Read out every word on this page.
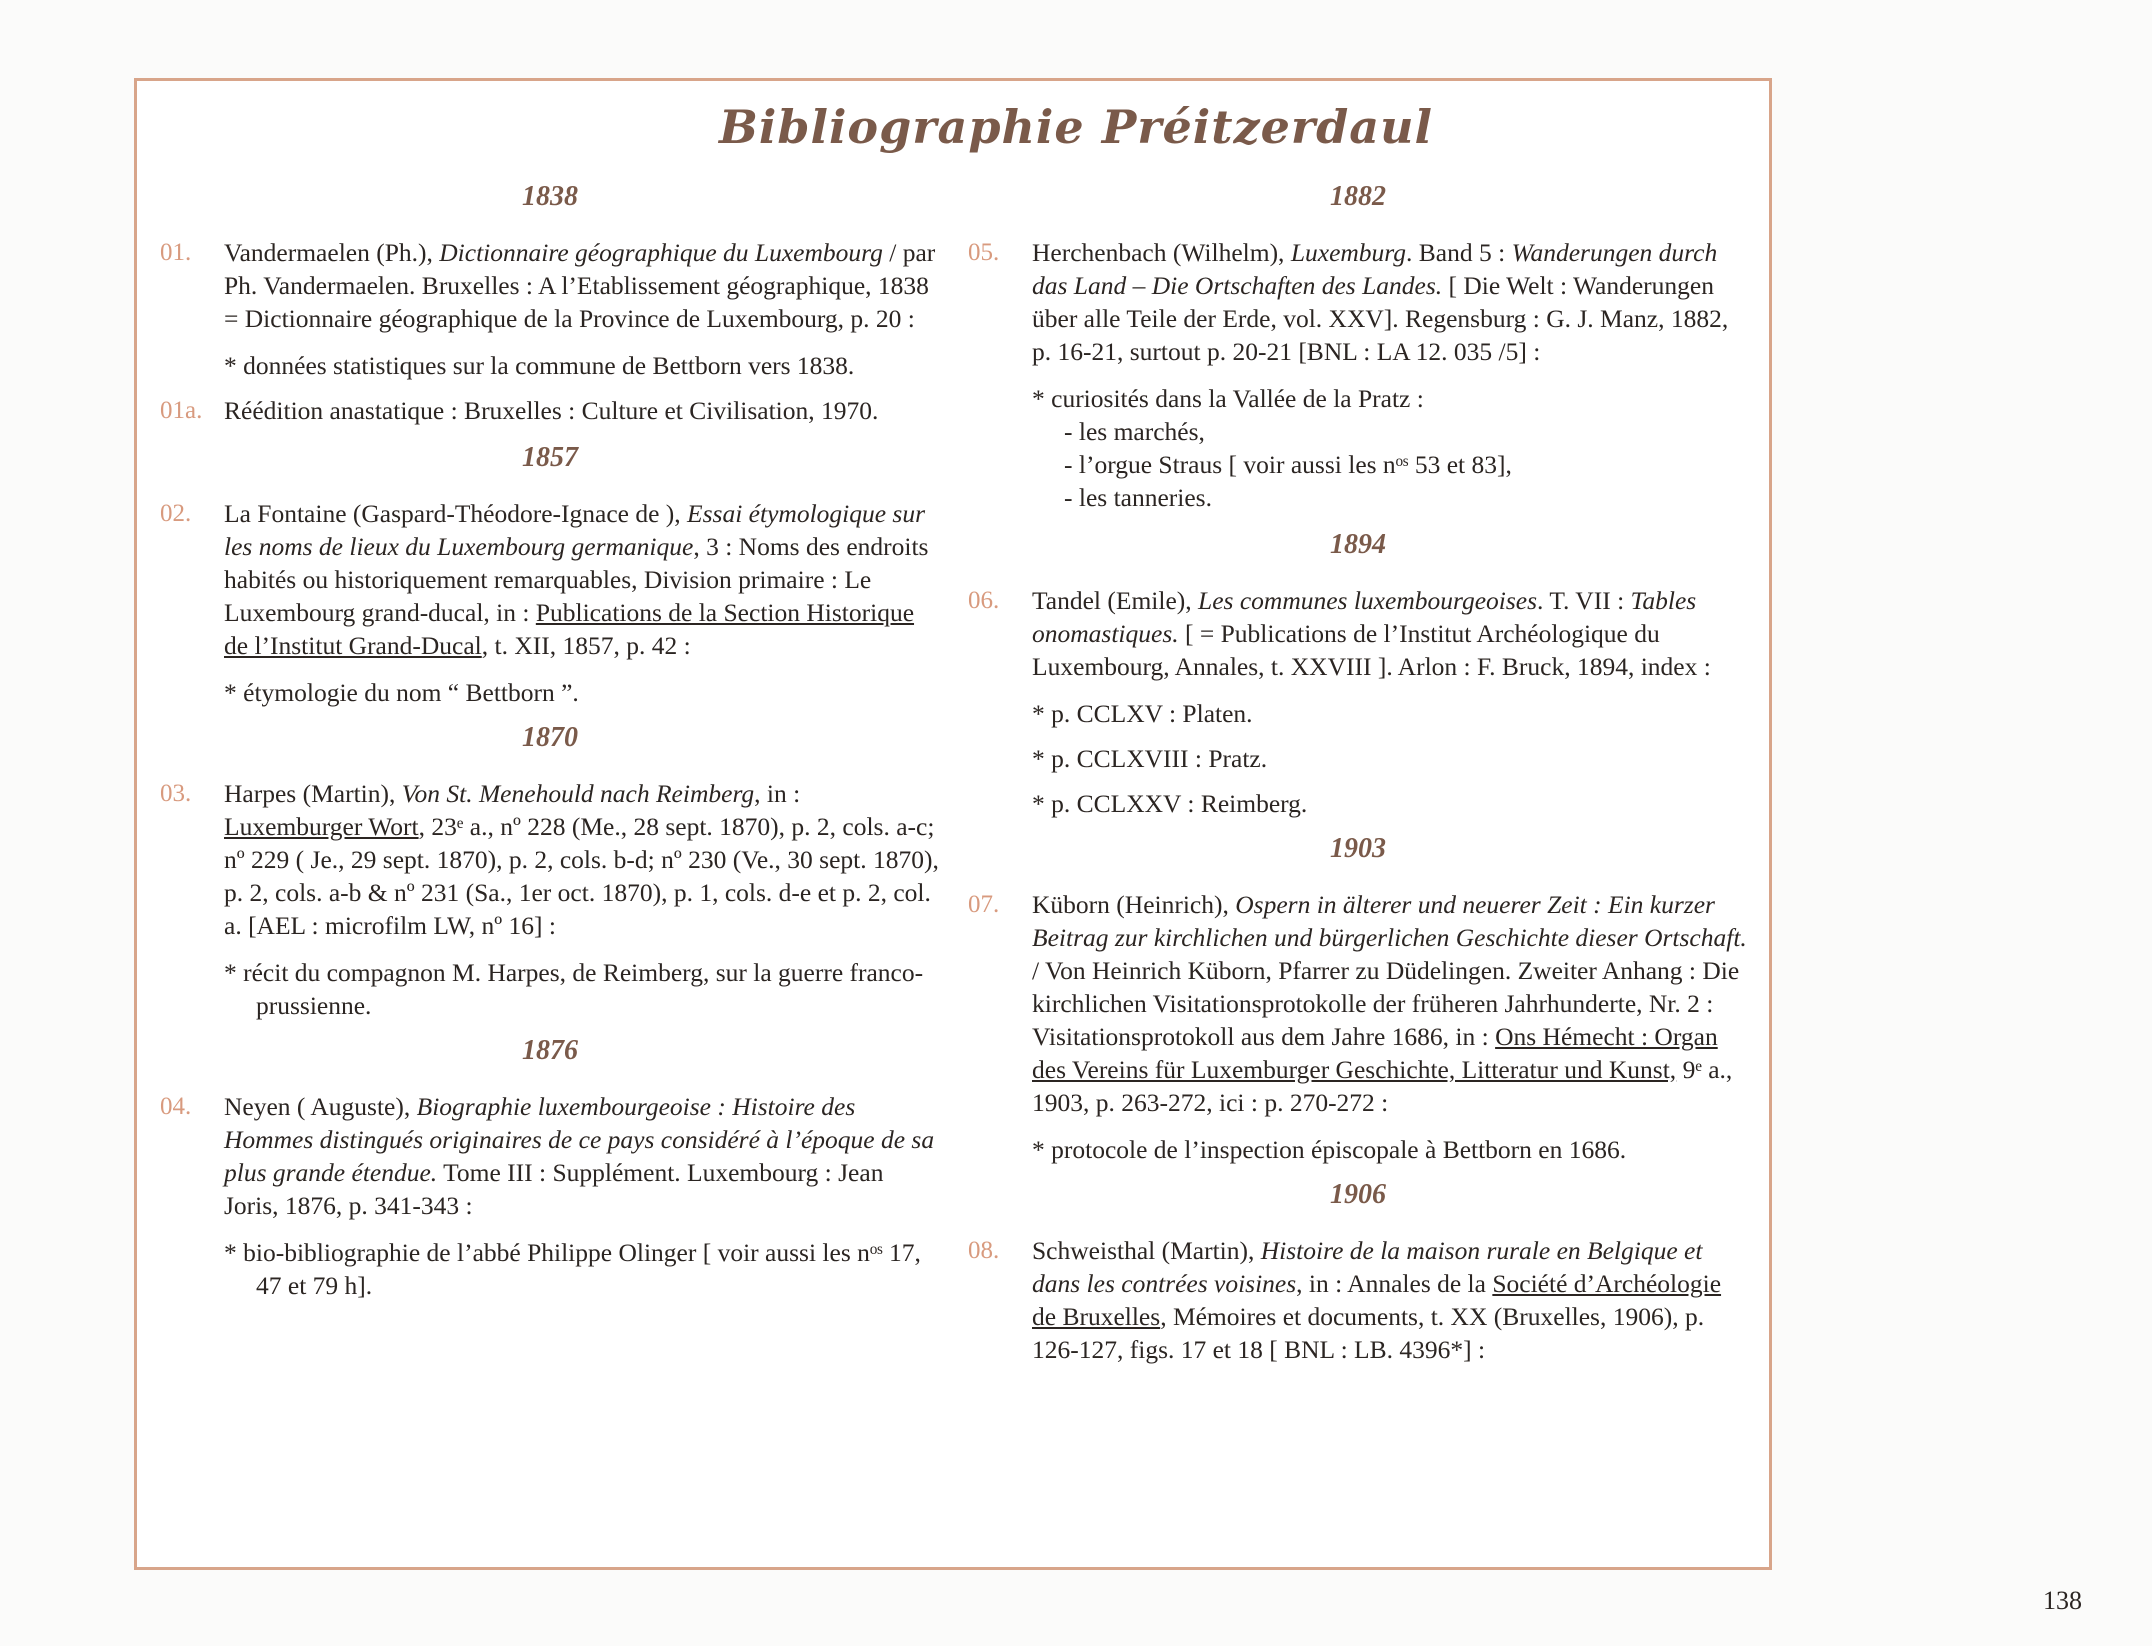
Bibliographie Préitzerdaul
1838
01. Vandermaelen (Ph.), Dictionnaire géographique du Luxembourg / par Ph. Vandermaelen. Bruxelles : A l’Etablissement géographique, 1838 = Dictionnaire géographique de la Province de Luxembourg, p. 20 :
* données statistiques sur la commune de Bettborn vers 1838.
01a. Réédition anastatique : Bruxelles : Culture et Civilisation, 1970.
1857
02. La Fontaine (Gaspard-Théodore-Ignace de ), Essai étymologique sur les noms de lieux du Luxembourg germanique, 3 : Noms des endroits habités ou historiquement remarquables, Division primaire : Le Luxembourg grand-ducal, in : Publications de la Section Historique de l’Institut Grand-Ducal, t. XII, 1857, p. 42 :
* étymologie du nom “ Bettborn ”.
1870
03. Harpes (Martin), Von St. Menehould nach Reimberg, in : Luxemburger Wort, 23ᵉ a., nº 228 (Me., 28 sept. 1870), p. 2, cols. a-c; nº 229 ( Je., 29 sept. 1870), p. 2, cols. b-d; nº 230 (Ve., 30 sept. 1870), p. 2, cols. a-b & nº 231 (Sa., 1er oct. 1870), p. 1, cols. d-e et p. 2, col. a. [AEL : microfilm LW, nº 16] :
* récit du compagnon M. Harpes, de Reimberg, sur la guerre franco-prussienne.
1876
04. Neyen ( Auguste), Biographie luxembourgeoise : Histoire des Hommes distingués originaires de ce pays considéré à l’époque de sa plus grande étendue. Tome III : Supplément. Luxembourg : Jean Joris, 1876, p. 341-343 :
* bio-bibliographie de l’abbé Philippe Olinger [ voir aussi les nᵒˢ 17, 47 et 79 h].
1882
05. Herchenbach (Wilhelm), Luxemburg. Band 5 : Wanderungen durch das Land – Die Ortschaften des Landes. [ Die Welt : Wanderungen über alle Teile der Erde, vol. XXV]. Regensburg : G. J. Manz, 1882, p. 16-21, surtout p. 20-21 [BNL : LA 12. 035 /5] :
* curiosités dans la Vallée de la Pratz :
- les marchés,
- l’orgue Straus [ voir aussi les nᵒˢ 53 et 83],
- les tanneries.
1894
06. Tandel (Emile), Les communes luxembourgeoises. T. VII : Tables onomastiques. [ = Publications de l’Institut Archéologique du Luxembourg, Annales, t. XXVIII ]. Arlon : F. Bruck, 1894, index :
* p. CCLXV : Platen.
* p. CCLXVIII : Pratz.
* p. CCLXXV : Reimberg.
1903
07. Küborn (Heinrich), Ospern in älterer und neuerer Zeit : Ein kurzer Beitrag zur kirchlichen und bürgerlichen Geschichte dieser Ortschaft. / Von Heinrich Küborn, Pfarrer zu Düdelingen. Zweiter Anhang : Die kirchlichen Visitationsprotokolle der früheren Jahrhunderte, Nr. 2 : Visitationsprotokoll aus dem Jahre 1686, in : Ons Hémecht : Organ des Vereins für Luxemburger Geschichte, Litteratur und Kunst, 9ᵉ a., 1903, p. 263-272, ici : p. 270-272 :
* protocole de l’inspection épiscopale à Bettborn en 1686.
1906
08. Schweisthal (Martin), Histoire de la maison rurale en Belgique et dans les contrées voisines, in : Annales de la Société d’Archéologie de Bruxelles, Mémoires et documents, t. XX (Bruxelles, 1906), p. 126-127, figs. 17 et 18 [ BNL : LB. 4396*] :
138
